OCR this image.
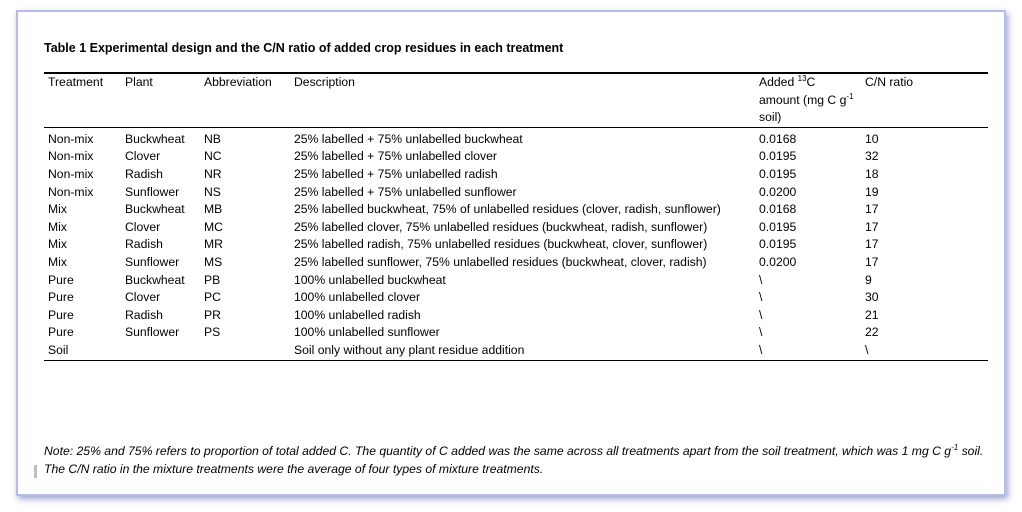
Table 1 Experimental design and the C/N ratio of added crop residues in each treatment
Treatment	Plant	Abbreviation	Description	Added $^{13}$C amount (mg C $g^{-1}$ soil)	C/N ratio
Non-mix	Buckwheat	NB	25% labelled + 75% unlabelled buckwheat	0.0168	10
Non-mix	Clover	NC	25% labelled + 75% unlabelled clover	0.0195	32
Non-mix	Radish	NR	25% labelled + 75% unlabelled radish	0.0195	18
Non-mix	Sunflower	NS	25% labelled + 75% unlabelled sunflower	0.0200	19
Mix	Buckwheat	MB	25% labelled buckwheat, 75% of unlabelled residues (clover, radish, sunflower)	0.0168	17
Mix	Clover	MC	25% labelled clover, 75% unlabelled residues (buckwheat, radish, sunflower)	0.0195	17
Mix	Radish	MR	25% labelled radish, 75% unlabelled residues (buckwheat, clover, sunflower)	0.0195	17
Mix	Sunflower	MS	25% labelled sunflower, 75% unlabelled residues (buckwheat, clover, radish)	0.0200	17
Pure	Buckwheat	PB	100% unlabelled buckwheat	\	9
Pure	Clover	PC	100% unlabelled clover	\	30
Pure	Radish	PR	100% unlabelled radish	\	21
Pure	Sunflower	PS	100% unlabelled sunflower	\	22
Soil			Soil only without any plant residue addition	\	\
Note: 25% and 75% refers to proportion of total added C. The quantity of C added was the same across all treatments apart from the soil treatment, which was 1 mg C $g^{-1}$ soil. The C/N ratio in the mixture treatments were the average of four types of mixture treatments.
